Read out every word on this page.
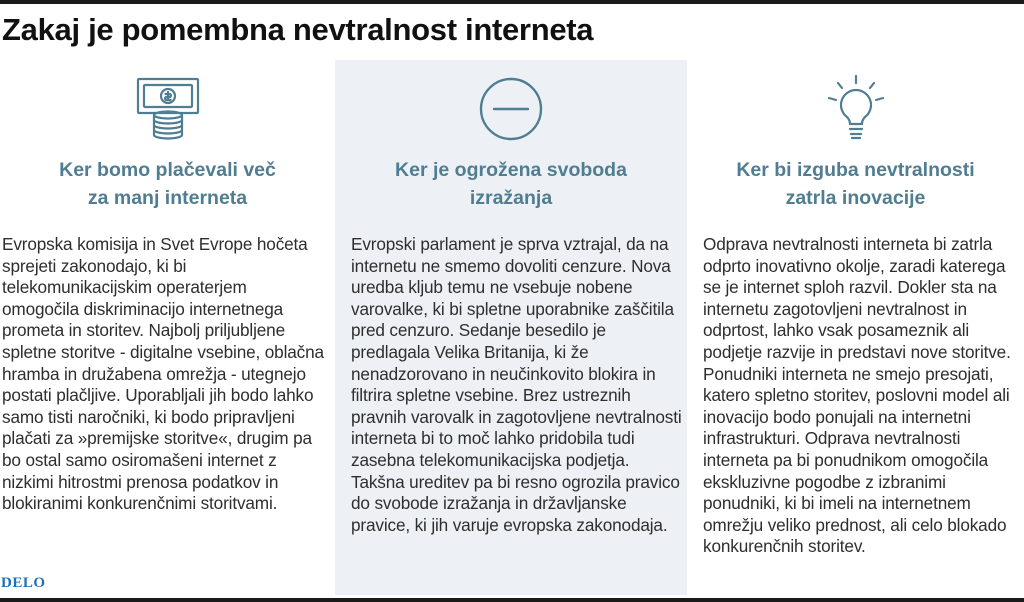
Zakaj je pomembna nevtralnost interneta
Ker bomo plačevali več
za manj interneta
Evropska komisija in Svet Evrope hočeta sprejeti zakonodajo, ki bi telekomunikacijskim operaterjem omogočila diskriminacijo internetnega prometa in storitev. Najbolj priljubljene spletne storitve - digitalne vsebine, oblačna hramba in družabena omrežja - utegnejo postati plačljive. Uporabljali jih bodo lahko samo tisti naročniki, ki bodo pripravljeni plačati za »premijske storitve«, drugim pa bo ostal samo osiromašeni internet z nizkimi hitrostmi prenosa podatkov in blokiranimi konkurenčnimi storitvami.
Ker je ogrožena svoboda
izražanja
Evropski parlament je sprva vztrajal, da na internetu ne smemo dovoliti cenzure. Nova uredba kljub temu ne vsebuje nobene varovalke, ki bi spletne uporabnike zaščitila pred cenzuro. Sedanje besedilo je predlagala Velika Britanija, ki že nenadzorovano in neučinkovito blokira in filtrira spletne vsebine. Brez ustreznih pravnih varovalk in zagotovljene nevtralnosti interneta bi to moč lahko pridobila tudi zasebna telekomunikacijska podjetja. Takšna ureditev pa bi resno ogrozila pravico do svobode izražanja in državljanske pravice, ki jih varuje evropska zakonodaja.
Ker bi izguba nevtralnosti
zatrla inovacije
Odprava nevtralnosti interneta bi zatrla odprto inovativno okolje, zaradi katerega se je internet sploh razvil. Dokler sta na internetu zagotovljeni nevtralnost in odprtost, lahko vsak posameznik ali podjetje razvije in predstavi nove storitve. Ponudniki interneta ne smejo presojati, katero spletno storitev, poslovni model ali inovacijo bodo ponujali na internetni infrastrukturi. Odprava nevtralnosti interneta pa bi ponudnikom omogočila ekskluzivne pogodbe z izbranimi ponudniki, ki bi imeli na internetnem omrežju veliko prednost, ali celo blokado konkurenčnih storitev.
DELO
